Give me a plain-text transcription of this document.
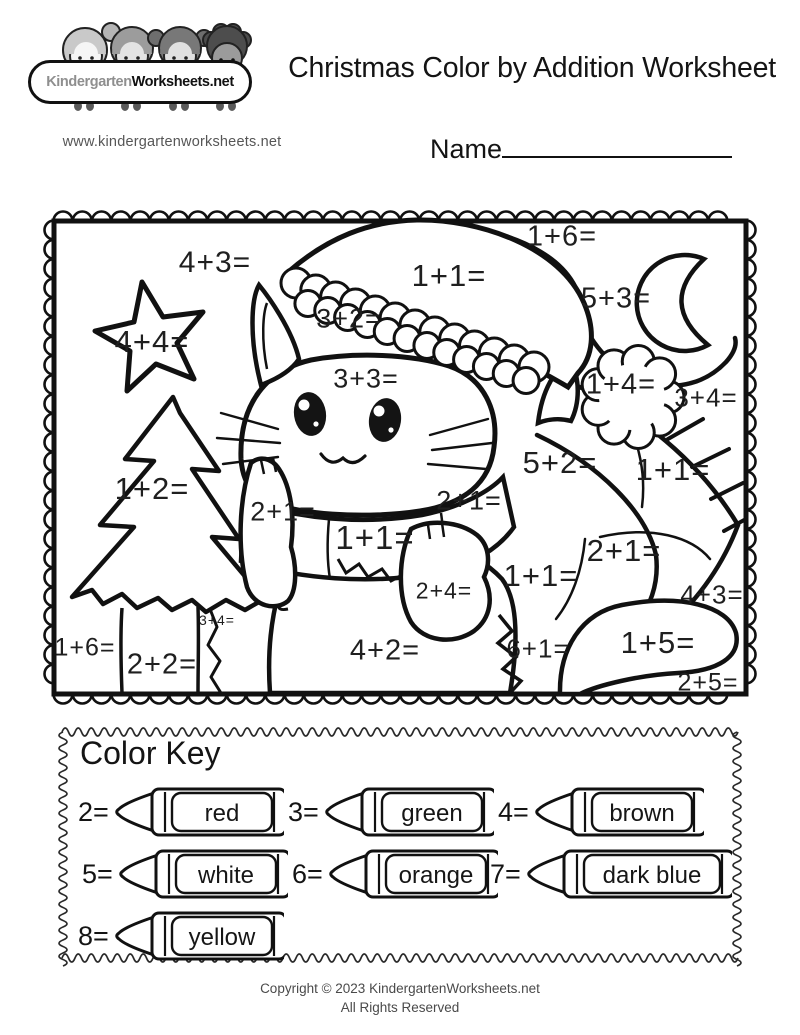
Kindergarten Worksheets.net
www.kindergartenworksheets.net
Christmas Color by Addition Worksheet
Name
4+3=	1+1=
1+6=
5+3=
3+2=
4+4=
3+3=	1+4= 3+4=
5+2= 1+1=
1+2=
2+1=	2+1=
1+1=	2+1=
1+1=
2+4=	4+3=
3+4=
1+6=
2+2=	4+2=	6+1= 1+5=
2+5=
Color Key
2=	red 3=	green 4=	brown
5=	white 6=	orange 7=	dark blue
8=	yellow
Copyright © 2023 KindergartenWorksheets.net
All Rights Reserved
